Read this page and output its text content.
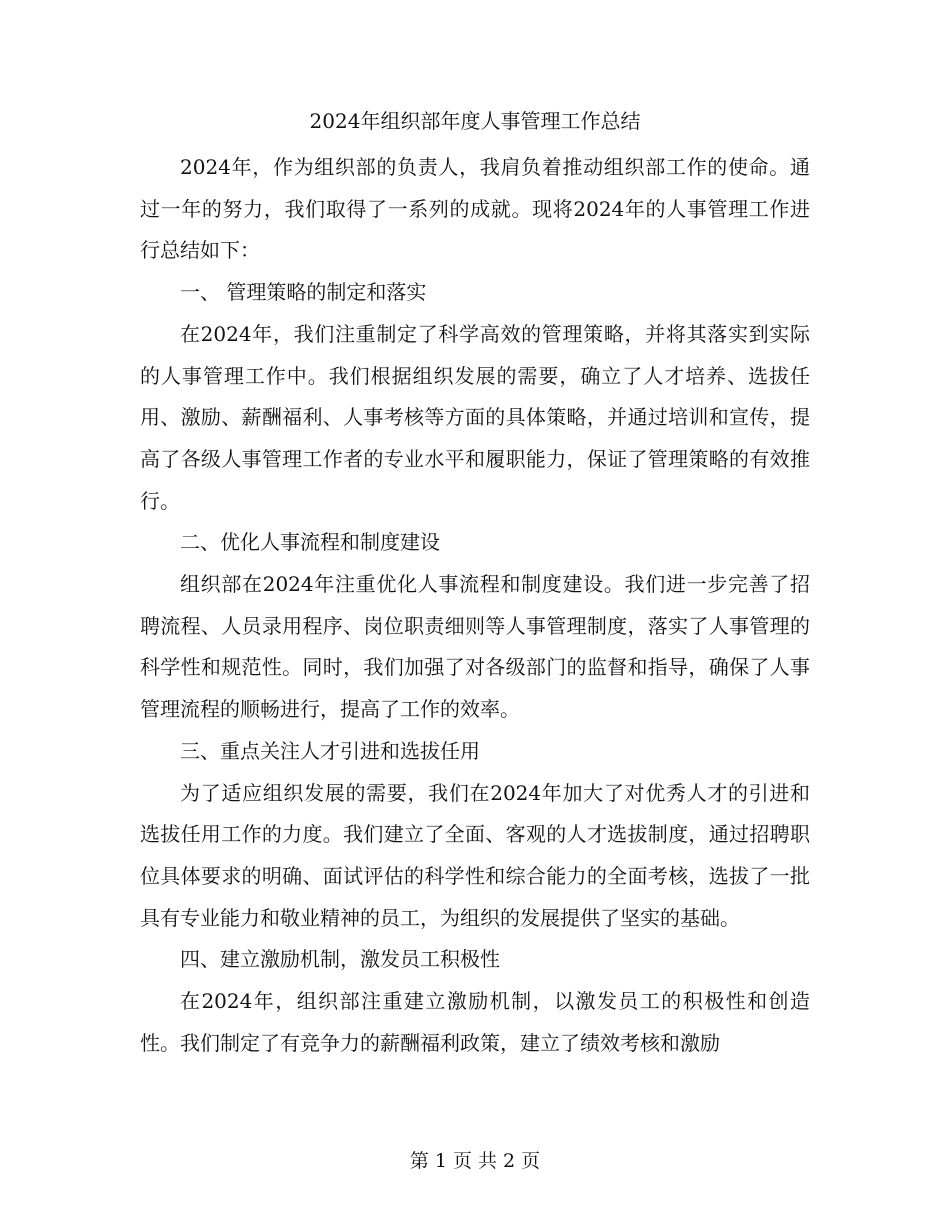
2024年组织部年度人事管理工作总结

2024年，作为组织部的负责人，我肩负着推动组织部工作的使命。通过一年的努力，我们取得了一系列的成就。现将2024年的人事管理工作进行总结如下：

一、 管理策略的制定和落实

在2024年，我们注重制定了科学高效的管理策略，并将其落实到实际的人事管理工作中。我们根据组织发展的需要，确立了人才培养、选拔任用、激励、薪酬福利、人事考核等方面的具体策略，并通过培训和宣传，提高了各级人事管理工作者的专业水平和履职能力，保证了管理策略的有效推行。

二、优化人事流程和制度建设

组织部在2024年注重优化人事流程和制度建设。我们进一步完善了招聘流程、人员录用程序、岗位职责细则等人事管理制度，落实了人事管理的科学性和规范性。同时，我们加强了对各级部门的监督和指导，确保了人事管理流程的顺畅进行，提高了工作的效率。

三、重点关注人才引进和选拔任用

为了适应组织发展的需要，我们在2024年加大了对优秀人才的引进和选拔任用工作的力度。我们建立了全面、客观的人才选拔制度，通过招聘职位具体要求的明确、面试评估的科学性和综合能力的全面考核，选拔了一批具有专业能力和敬业精神的员工，为组织的发展提供了坚实的基础。

四、建立激励机制，激发员工积极性

在2024年，组织部注重建立激励机制，以激发员工的积极性和创造性。我们制定了有竞争力的薪酬福利政策，建立了绩效考核和激励

第 1 页 共 2 页
